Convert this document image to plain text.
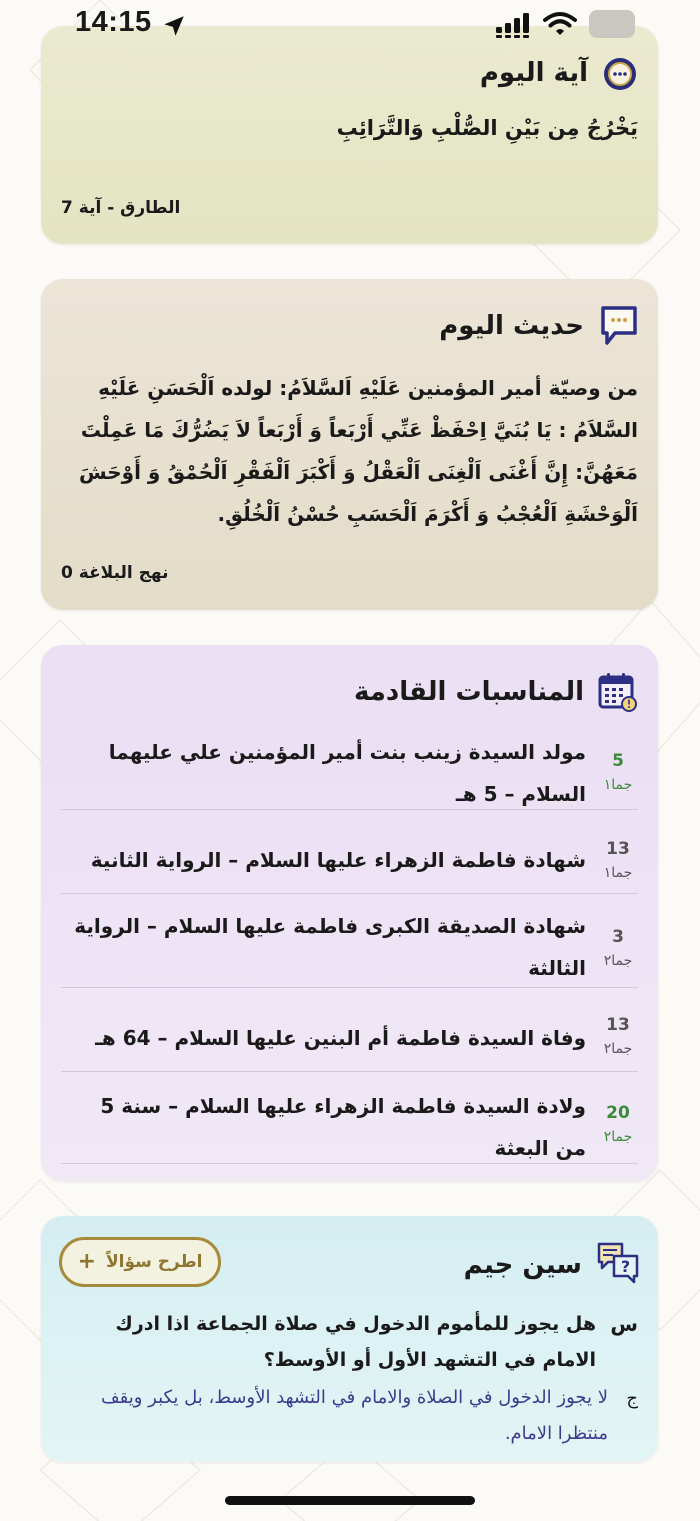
14:15
آية اليوم
يَخْرُجُ مِن بَيْنِ الصُّلْبِ وَالتَّرَائِبِ
الطارق - آية 7
حديث اليوم
من وصيّة أمير المؤمنين عَلَيْهِ اَلسَّلاَمُ: لولده اَلْحَسَنِ عَلَيْهِ السَّلاَمُ : يَا بُنَيَّ اِحْفَظْ عَنِّي أَرْبَعاً وَ أَرْبَعاً لاَ يَضُرُّكَ مَا عَمِلْتَ مَعَهُنَّ: إِنَّ أَغْنَى اَلْغِنَى اَلْعَقْلُ وَ أَكْبَرَ اَلْفَقْرِ اَلْحُمْقُ وَ أَوْحَشَ اَلْوَحْشَةِ اَلْعُجْبُ وَ أَكْرَمَ اَلْحَسَبِ حُسْنُ اَلْخُلُقِ.
نهج البلاغة 0
المناسبات القادمة
5
جما١
مولد السيدة زينب بنت أمير المؤمنين علي عليهما السلام – 5 هـ
13
جما١
شهادة فاطمة الزهراء عليها السلام – الرواية الثانية
3
جما٢
شهادة الصديقة الكبرى فاطمة عليها السلام – الرواية الثالثة
13
جما٢
وفاة السيدة فاطمة أم البنين عليها السلام – 64 هـ
20
جما٢
ولادة السيدة فاطمة الزهراء عليها السلام – سنة 5 من البعثة
?
سين جيم
اطرح سؤالاً
+
س
هل يجوز للمأموم الدخول في صلاة الجماعة اذا ادرك الامام في التشهد الأول أو الأوسط؟
ج
لا يجوز الدخول في الصلاة والامام في التشهد الأوسط، بل يكبر ويقف منتظرا الامام.
